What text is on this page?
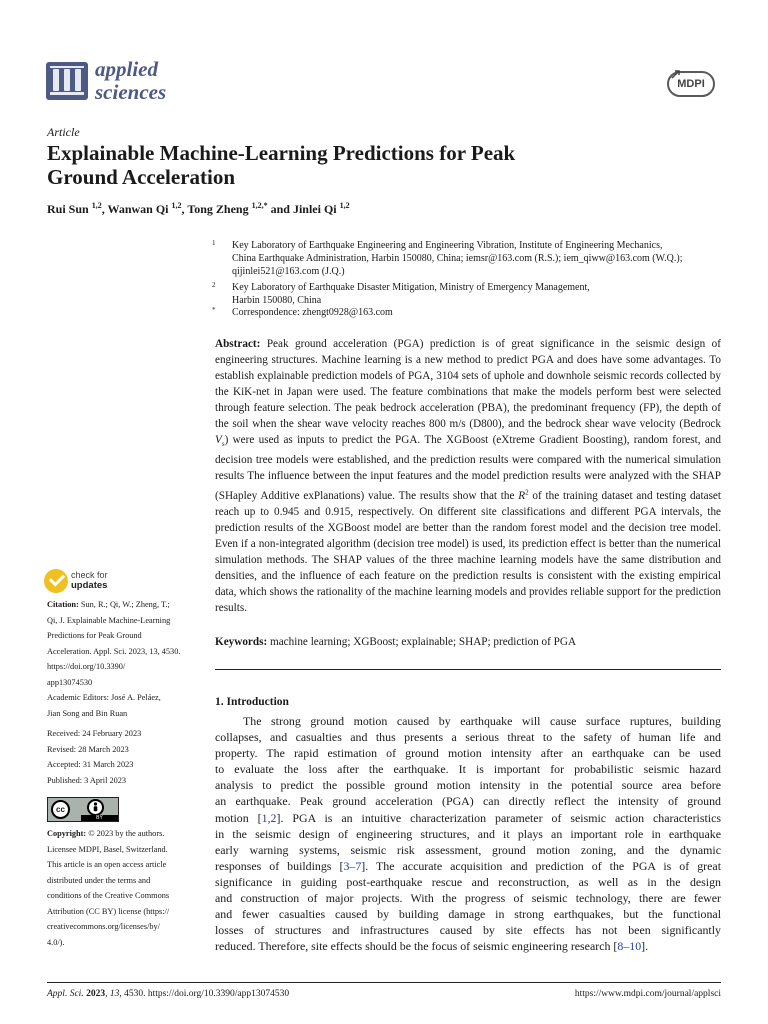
applied
sciences	MDPI
Article
Explainable Machine-Learning Predictions for Peak
Ground Acceleration
Rui Sun $^{1,2}$, Wanwan Qi $^{1,2}$, Tong Zheng $^{1,2,*}$ and Jinlei Qi $^{1,2}$
1	Key Laboratory of Earthquake Engineering and Engineering Vibration, Institute of Engineering Mechanics,
China Earthquake Administration, Harbin 150080, China; iemsr@163.com (R.S.); iem_qiww@163.com (W.Q.);
qijinlei521@163.com (J.Q.)
2	Key Laboratory of Earthquake Disaster Mitigation, Ministry of Emergency Management,
Harbin 150080, China
*	Correspondence: zhengt0928@163.com
Abstract: Peak ground acceleration (PGA) prediction is of great significance in the seismic design of engineering structures. Machine learning is a new method to predict PGA and does have some advantages. To establish explainable prediction models of PGA, 3104 sets of uphole and downhole seismic records collected by the KiK-net in Japan were used. The feature combinations that make the models perform best were selected through feature selection. The peak bedrock acceleration (PBA), the predominant frequency (FP), the depth of the soil when the shear wave velocity reaches 800 m/s (D800), and the bedrock shear wave velocity (Bedrock $V_s$) were used as inputs to predict the PGA. The XGBoost (eXtreme Gradient Boosting), random forest, and decision tree models were established, and the prediction results were compared with the numerical simulation results The influence between the input features and the model prediction results were analyzed with the SHAP (SHapley Additive exPlanations) value. The results show that the $R^2$ of the training dataset and testing dataset reach up to 0.945 and 0.915, respectively. On different site classifications and different PGA intervals, the prediction results of the XGBoost model are better than the random forest model and the decision tree model. Even if a non-integrated algorithm (decision tree model) is used, its prediction effect is better than the numerical simulation methods. The SHAP values of the three machine learning models have the same distribution and densities, and the influence of each feature on the prediction results is consistent with the existing empirical data, which shows the rationality of the machine learning models and provides reliable support for the prediction results.
Keywords: machine learning; XGBoost; explainable; SHAP; prediction of PGA
1. Introduction
The strong ground motion caused by earthquake will cause surface ruptures, building
collapses, and casualties and thus presents a serious threat to the safety of human life and
property. The rapid estimation of ground motion intensity after an earthquake can be used
to evaluate the loss after the earthquake. It is important for probabilistic seismic hazard
analysis to predict the possible ground motion intensity in the potential source area before
an earthquake. Peak ground acceleration (PGA) can directly reflect the intensity of ground
motion [1,2]. PGA is an intuitive characterization parameter of seismic action characteristics
in the seismic design of engineering structures, and it plays an important role in earthquake
early warning systems, seismic risk assessment, ground motion zoning, and the dynamic
responses of buildings [3–7]. The accurate acquisition and prediction of the PGA is of great
significance in guiding post-earthquake rescue and reconstruction, as well as in the design
and construction of major projects. With the progress of seismic technology, there are fewer
and fewer casualties caused by building damage in strong earthquakes, but the functional
losses of structures and infrastructures caused by site effects has not been significantly
reduced. Therefore, site effects should be the focus of seismic engineering research [8–10].
check for
updates
Citation: Sun, R.; Qi, W.; Zheng, T.;
Qi, J. Explainable Machine-Learning
Predictions for Peak Ground
Acceleration. Appl. Sci. 2023, 13, 4530.
https://doi.org/10.3390/
app13074530
Academic Editors: José A. Peláez,
Jian Song and Bin Ruan
Received: 24 February 2023
Revised: 28 March 2023
Accepted: 31 March 2023
Published: 3 April 2023
cc
BY
Copyright: © 2023 by the authors.
Licensee MDPI, Basel, Switzerland.
This article is an open access article
distributed under the terms and
conditions of the Creative Commons
Attribution (CC BY) license (https://
creativecommons.org/licenses/by/
4.0/).
Appl. Sci. 2023, 13, 4530. https://doi.org/10.3390/app13074530	https://www.mdpi.com/journal/applsci
